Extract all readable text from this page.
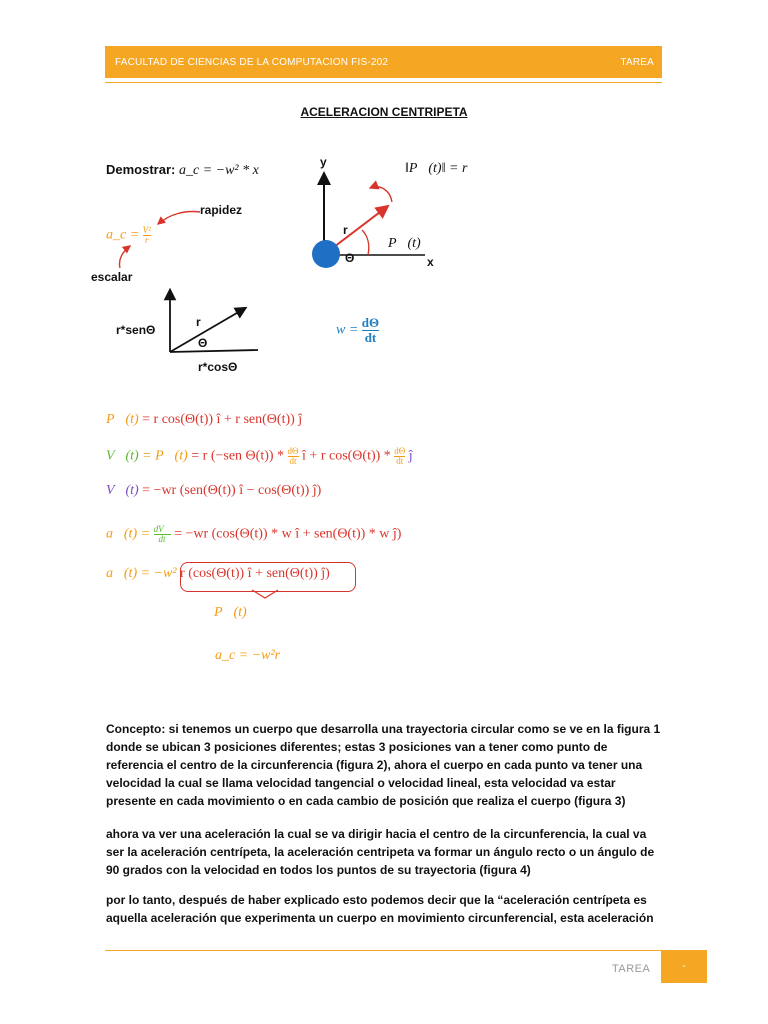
FACULTAD DE CIENCIAS DE LA COMPUTACION FIS-202	TAREA
ACELERACION CENTRIPETA
Demostrar: a_c = −w² * x
a_c = $\frac{\text{V²}}{r}$
rapidez
escalar
y
x
r
Θ
P⃗(t)
‖P⃗(t)‖ = r
r
Θ
r*senΘ
r*cosΘ
$w = \frac{d\Theta}{dt}$
P⃗(t) = r cos(Θ(t)) î + r sen(Θ(t)) ĵ
V⃗(t) = P⃗(t) = r (−sen $\Theta(t)) * \frac{d\Theta}{dt}$ î + r $\cos(\Theta(t)) * \frac{d\Theta}{dt}$ ĵ
V⃗(t) = −wr (sen(Θ(t)) î − cos(Θ(t)) ĵ)
a⃗(t) = $\frac{dV⃗}{dt} = -wr$ (cos(Θ(t)) * w î + sen(Θ(t)) * w ĵ)
a⃗(t) = −w² r (cos(Θ(t)) î + sen(Θ(t)) ĵ)
P⃗(t)
a_c = −w²r
Concepto: si tenemos un cuerpo que desarrolla una trayectoria circular como se ve en la figura 1 donde se ubican 3 posiciones diferentes; estas 3 posiciones van a tener como punto de referencia el centro de la circunferencia (figura 2), ahora el cuerpo en cada punto va tener una velocidad la cual se llama velocidad tangencial o velocidad lineal, esta velocidad va estar presente en cada movimiento o en cada cambio de posición que realiza el cuerpo (figura 3)
ahora va ver una aceleración la cual se va dirigir hacia el centro de la circunferencia, la cual va ser la aceleración centrípeta, la aceleración centripeta va formar un ángulo recto o un ángulo de 90 grados con la velocidad en todos los puntos de su trayectoria (figura 4)
por lo tanto, después de haber explicado esto podemos decir que la “aceleración centrípeta es aquella aceleración que experimenta un cuerpo en movimiento circunferencial, esta aceleración
TAREA	-
